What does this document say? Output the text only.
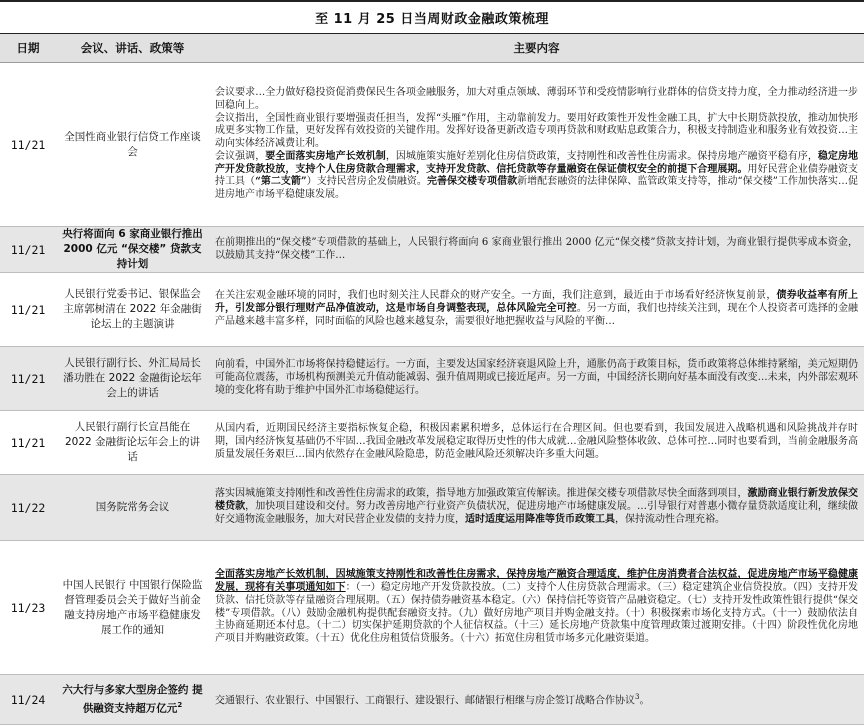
至 11 月 25 日当周财政金融政策梳理
日期	会议、讲话、政策等	主要内容
11/21	全国性商业银行信贷工作座谈会	会议要求…全力做好稳投资促消费保民生各项金融服务，加大对重点领域、薄弱环节和受疫情影响行业群体的信贷支持力度，全力推动经济进一步回稳向上。
会议指出，全国性商业银行要增强责任担当，发挥“头雁”作用，主动靠前发力。要用好政策性开发性金融工具，扩大中长期贷款投放，推动加快形成更多实物工作量，更好发挥有效投资的关键作用。发挥好设备更新改造专项再贷款和财政贴息政策合力，积极支持制造业和服务业有效投资…主动向实体经济减费让利。
会议强调，要全面落实房地产长效机制，因城施策实施好差别化住房信贷政策，支持刚性和改善性住房需求。保持房地产融资平稳有序，稳定房地产开发贷款投放，支持个人住房贷款合理需求，支持开发贷款、信托贷款等存量融资在保证债权安全的前提下合理展期。用好民营企业债券融资支持工具（“第二支箭”）支持民营房企发债融资。完善保交楼专项借款新增配套融资的法律保障、监管政策支持等，推动“保交楼”工作加快落实…促进房地产市场平稳健康发展。

11/21	央行将面向 6 家商业银行推出 2000 亿元 “保交楼” 贷款支持计划	在前期推出的“保交楼”专项借款的基础上，人民银行将面向 6 家商业银行推出 2000 亿元“保交楼”贷款支持计划，为商业银行提供零成本资金，以鼓励其支持“保交楼”工作…

11/21	人民银行党委书记、银保监会主席郭树清在 2022 年金融街论坛上的主题演讲	在关注宏观金融环境的同时，我们也时刻关注人民群众的财产安全。一方面，我们注意到，最近由于市场看好经济恢复前景，债券收益率有所上升，引发部分银行理财产品净值波动，这是市场自身调整表现，总体风险完全可控。另一方面，我们也持续关注到，现在个人投资者可选择的金融产品越来越丰富多样，同时面临的风险也越来越复杂，需要很好地把握收益与风险的平衡…

11/21	人民银行副行长、外汇局局长潘功胜在 2022 金融街论坛年会上的讲话	向前看，中国外汇市场将保持稳健运行。一方面，主要发达国家经济衰退风险上升，通胀仍高于政策目标，货币政策将总体维持紧缩，美元短期仍可能高位震荡，市场机构预测美元升值动能减弱、强升值周期或已接近尾声。另一方面，中国经济长期向好基本面没有改变…未来，内外部宏观环境的变化将有助于维护中国外汇市场稳健运行。

11/21	人民银行副行长宣昌能在 2022 金融街论坛年会上的讲话	从国内看，近期国民经济主要指标恢复企稳，积极因素累积增多，总体运行在合理区间。但也要看到，我国发展进入战略机遇和风险挑战并存时期，国内经济恢复基础仍不牢固…我国金融改革发展稳定取得历史性的伟大成就…金融风险整体收敛、总体可控…同时也要看到，当前金融服务高质量发展任务艰巨…国内依然存在金融风险隐患，防范金融风险还须解决许多重大问题。

11/22	国务院常务会议	落实因城施策支持刚性和改善性住房需求的政策，指导地方加强政策宣传解读。推进保交楼专项借款尽快全面落到项目，激励商业银行新发放保交楼贷款，加快项目建设和交付。努力改善房地产行业资产负债状况，促进房地产市场健康发展。…引导银行对普惠小微存量贷款适度让利，继续做好交通物流金融服务，加大对民营企业发债的支持力度，适时适度运用降准等货币政策工具，保持流动性合理充裕。

11/23	中国人民银行 中国银行保险监督管理委员会关于做好当前金融支持房地产市场平稳健康发展工作的通知	全面落实房地产长效机制，因城施策支持刚性和改善性住房需求，保持房地产融资合理适度，维护住房消费者合法权益，促进房地产市场平稳健康发展，现将有关事项通知如下：（一）稳定房地产开发贷款投放。（二）支持个人住房贷款合理需求。（三）稳定建筑企业信贷投放。（四）支持开发贷款、信托贷款等存量融资合理展期。（五）保持债券融资基本稳定。（六）保持信托等资管产品融资稳定。（七）支持开发性政策性银行提供“保交楼”专项借款。（八）鼓励金融机构提供配套融资支持。（九）做好房地产项目并购金融支持。（十）积极探索市场化支持方式。（十一）鼓励依法自主协商延期还本付息。（十二）切实保护延期贷款的个人征信权益。（十三）延长房地产贷款集中度管理政策过渡期安排。（十四）阶段性优化房地产项目并购融资政策。（十五）优化住房租赁信贷服务。（十六）拓宽住房租赁市场多元化融资渠道。

11/24	六大行与多家大型房企签约 提供融资支持超万亿元$^2$	交通银行、农业银行、中国银行、工商银行、建设银行、邮储银行相继与房企签订战略合作协议$^3$。
